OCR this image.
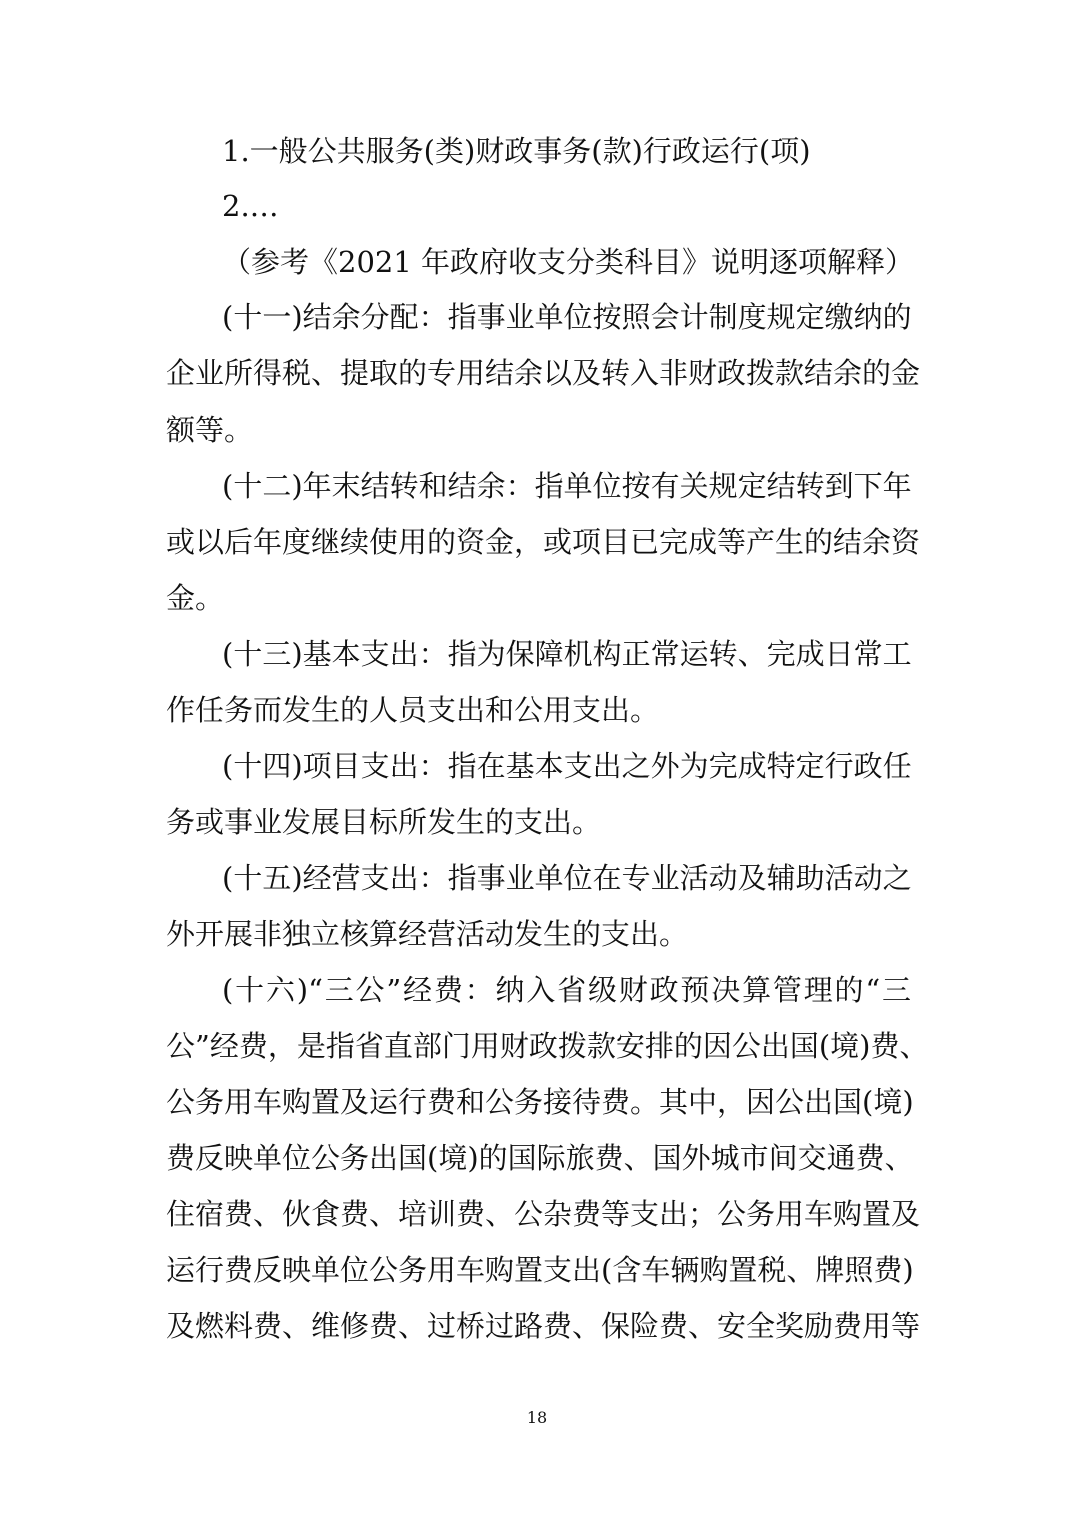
1.一般公共服务(类)财政事务(款)行政运行(项)
2.…
（参考《2021 年政府收支分类科目》说明逐项解释）
(十一)结余分配：指事业单位按照会计制度规定缴纳的
企业所得税、提取的专用结余以及转入非财政拨款结余的金
额等。
(十二)年末结转和结余：指单位按有关规定结转到下年
或以后年度继续使用的资金，或项目已完成等产生的结余资
金。
(十三)基本支出：指为保障机构正常运转、完成日常工
作任务而发生的人员支出和公用支出。
(十四)项目支出：指在基本支出之外为完成特定行政任
务或事业发展目标所发生的支出。
(十五)经营支出：指事业单位在专业活动及辅助活动之
外开展非独立核算经营活动发生的支出。
(十六)“三公”经费：纳入省级财政预决算管理的“三
公”经费，是指省直部门用财政拨款安排的因公出国(境)费、
公务用车购置及运行费和公务接待费。其中，因公出国(境)
费反映单位公务出国(境)的国际旅费、国外城市间交通费、
住宿费、伙食费、培训费、公杂费等支出；公务用车购置及
运行费反映单位公务用车购置支出(含车辆购置税、牌照费)
及燃料费、维修费、过桥过路费、保险费、安全奖励费用等
18
